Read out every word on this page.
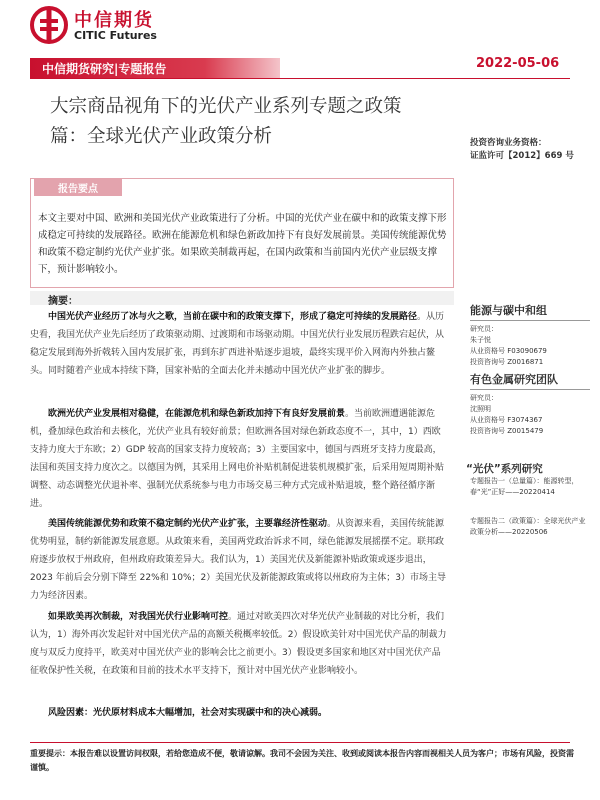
中信期货
CITIC Futures
中信期货研究|专题报告	2022-05-06
大宗商品视角下的光伏产业系列专题之政策篇：全球光伏产业政策分析	投资咨询业务资格：
证监许可【2012】669 号
报告要点
本文主要对中国、欧洲和美国光伏产业政策进行了分析。中国的光伏产业在碳中和的政策支撑下形成稳定可持续的发展路径。欧洲在能源危机和绿色新政加持下有良好发展前景。美国传统能源优势和政策不稳定制约光伏产业扩张。如果欧美制裁再起，在国内政策和当前国内光伏产业层级支撑下，预计影响较小。
摘要：
中国光伏产业经历了冰与火之歌，当前在碳中和的政策支撑下，形成了稳定可持续的发展路径。从历史看，我国光伏产业先后经历了政策驱动期、过渡期和市场驱动期。中国光伏行业发展历程跌宕起伏，从稳定发展到海外折戟转入国内发展扩张，再到东扩西进补贴逐步退坡，最终实现平价入网海内外独占鳌头。同时随着产业成本持续下降，国家补贴的全面去化并未撼动中国光伏产业扩张的脚步。
欧洲光伏产业发展相对稳健，在能源危机和绿色新政加持下有良好发展前景。当前欧洲遭遇能源危机，叠加绿色政治和去核化，光伏产业具有较好前景；但欧洲各国对绿色新政态度不一，其中，1）西欧支持力度大于东欧；2）GDP 较高的国家支持力度较高；3）主要国家中，德国与西班牙支持力度最高，法国和英国支持力度次之。以德国为例，其采用上网电价补贴机制促进装机规模扩张，后采用短周期补贴调整、动态调整光伏退补率、强制光伏系统参与电力市场交易三种方式完成补贴退坡，整个路径循序渐进。
美国传统能源优势和政策不稳定制约光伏产业扩张，主要靠经济性驱动。从资源来看，美国传统能源优势明显，制约新能源发展意愿。从政策来看，美国两党政治诉求不同，绿色能源发展摇摆不定。联邦政府逐步放权于州政府，但州政府政策差异大。我们认为，1）美国光伏及新能源补贴政策或逐步退出，2023 年前后会分别下降至 22%和 10%；2）美国光伏及新能源政策或将以州政府为主体；3）市场主导力为经济因素。
如果欧美再次制裁，对我国光伏行业影响可控。通过对欧美四次对华光伏产业制裁的对比分析，我们认为，1）海外再次发起针对中国光伏产品的高额关税概率较低。2）假设欧美针对中国光伏产品的制裁力度与双反力度持平，欧美对中国光伏产业的影响会比之前更小。3）假设更多国家和地区对中国光伏产品征收保护性关税，在政策和目前的技术水平支持下，预计对中国光伏产业影响较小。
风险因素：光伏原材料成本大幅增加，社会对实现碳中和的决心减弱。
重要提示：本报告难以设置访问权限，若给您造成不便，敬请谅解。我司不会因为关注、收到或阅读本报告内容而视相关人员为客户；市场有风险，投资需谨慎。
能源与碳中和组
研究员：
朱子悦
从业资格号 F03090679
投资咨询号 Z0016871
有色金属研究团队
研究员：
沈照明
从业资格号 F3074367
投资咨询号 Z0015479
“光伏”系列研究
专题报告一（总量篇）：能源转型，春“光”正好——20220414
专题报告二（政策篇）：全球光伏产业政策分析——20220506
